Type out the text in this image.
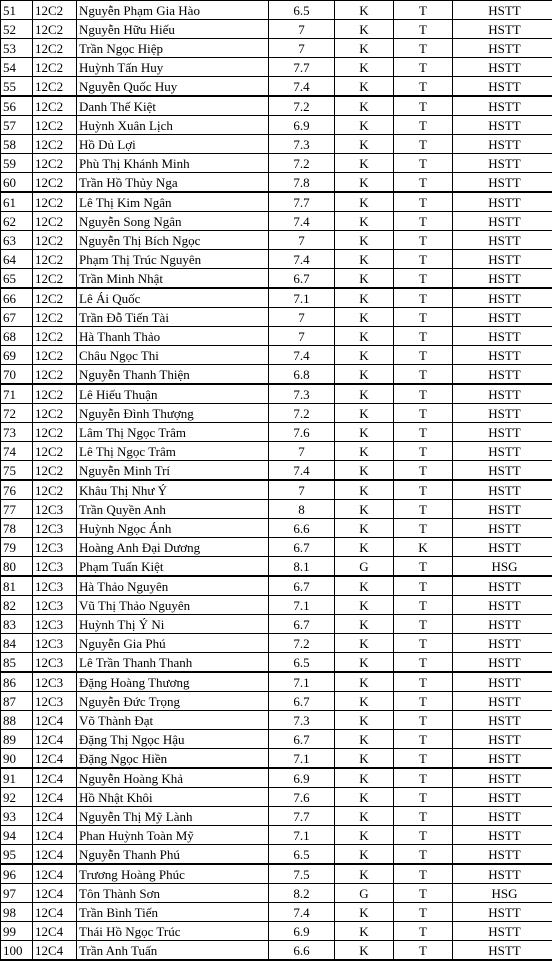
51	12C2	Nguyễn Phạm Gia Hào	6.5	K	T	HSTT
52	12C2	Nguyễn Hữu Hiếu	7	K	T	HSTT
53	12C2	Trần Ngọc Hiệp	7	K	T	HSTT
54	12C2	Huỳnh Tấn Huy	7.7	K	T	HSTT
55	12C2	Nguyễn Quốc Huy	7.4	K	T	HSTT
56	12C2	Danh Thế Kiệt	7.2	K	T	HSTT
57	12C2	Huỳnh Xuân Lịch	6.9	K	T	HSTT
58	12C2	Hồ Dủ Lợi	7.3	K	T	HSTT
59	12C2	Phù Thị Khánh Minh	7.2	K	T	HSTT
60	12C2	Trần Hồ Thủy Nga	7.8	K	T	HSTT
61	12C2	Lê Thị Kim Ngân	7.7	K	T	HSTT
62	12C2	Nguyễn Song Ngân	7.4	K	T	HSTT
63	12C2	Nguyễn Thị Bích Ngọc	7	K	T	HSTT
64	12C2	Phạm Thị Trúc Nguyên	7.4	K	T	HSTT
65	12C2	Trần Minh Nhật	6.7	K	T	HSTT
66	12C2	Lê Ái Quốc	7.1	K	T	HSTT
67	12C2	Trần Đỗ Tiến Tài	7	K	T	HSTT
68	12C2	Hà Thanh Thảo	7	K	T	HSTT
69	12C2	Châu Ngọc Thi	7.4	K	T	HSTT
70	12C2	Nguyễn Thanh Thiện	6.8	K	T	HSTT
71	12C2	Lê Hiếu Thuận	7.3	K	T	HSTT
72	12C2	Nguyễn Đình Thượng	7.2	K	T	HSTT
73	12C2	Lâm Thị Ngọc Trâm	7.6	K	T	HSTT
74	12C2	Lê Thị Ngọc Trâm	7	K	T	HSTT
75	12C2	Nguyễn Minh Trí	7.4	K	T	HSTT
76	12C2	Khâu Thị Như Ý	7	K	T	HSTT
77	12C3	Trần Quyền Anh	8	K	T	HSTT
78	12C3	Huỳnh Ngọc Ánh	6.6	K	T	HSTT
79	12C3	Hoàng Anh Đại Dương	6.7	K	K	HSTT
80	12C3	Phạm Tuấn Kiệt	8.1	G	T	HSG
81	12C3	Hà Thảo Nguyên	6.7	K	T	HSTT
82	12C3	Vũ Thị Thảo Nguyên	7.1	K	T	HSTT
83	12C3	Huỳnh Thị Ý Ni	6.7	K	T	HSTT
84	12C3	Nguyễn Gia Phú	7.2	K	T	HSTT
85	12C3	Lê Trần Thanh Thanh	6.5	K	T	HSTT
86	12C3	Đặng Hoàng Thương	7.1	K	T	HSTT
87	12C3	Nguyễn Đức Trọng	6.7	K	T	HSTT
88	12C4	Võ Thành Đạt	7.3	K	T	HSTT
89	12C4	Đặng Thị Ngọc Hậu	6.7	K	T	HSTT
90	12C4	Đặng Ngọc Hiền	7.1	K	T	HSTT
91	12C4	Nguyễn Hoàng Khả	6.9	K	T	HSTT
92	12C4	Hồ Nhật Khôi	7.6	K	T	HSTT
93	12C4	Nguyễn Thị Mỹ Lành	7.7	K	T	HSTT
94	12C4	Phan Huỳnh Toàn Mỹ	7.1	K	T	HSTT
95	12C4	Nguyễn Thanh Phú	6.5	K	T	HSTT
96	12C4	Trương Hoàng Phúc	7.5	K	T	HSTT
97	12C4	Tôn Thành Sơn	8.2	G	T	HSG
98	12C4	Trần Bình Tiến	7.4	K	T	HSTT
99	12C4	Thái Hồ Ngọc Trúc	6.9	K	T	HSTT
100	12C4	Trần Anh Tuấn	6.6	K	T	HSTT
